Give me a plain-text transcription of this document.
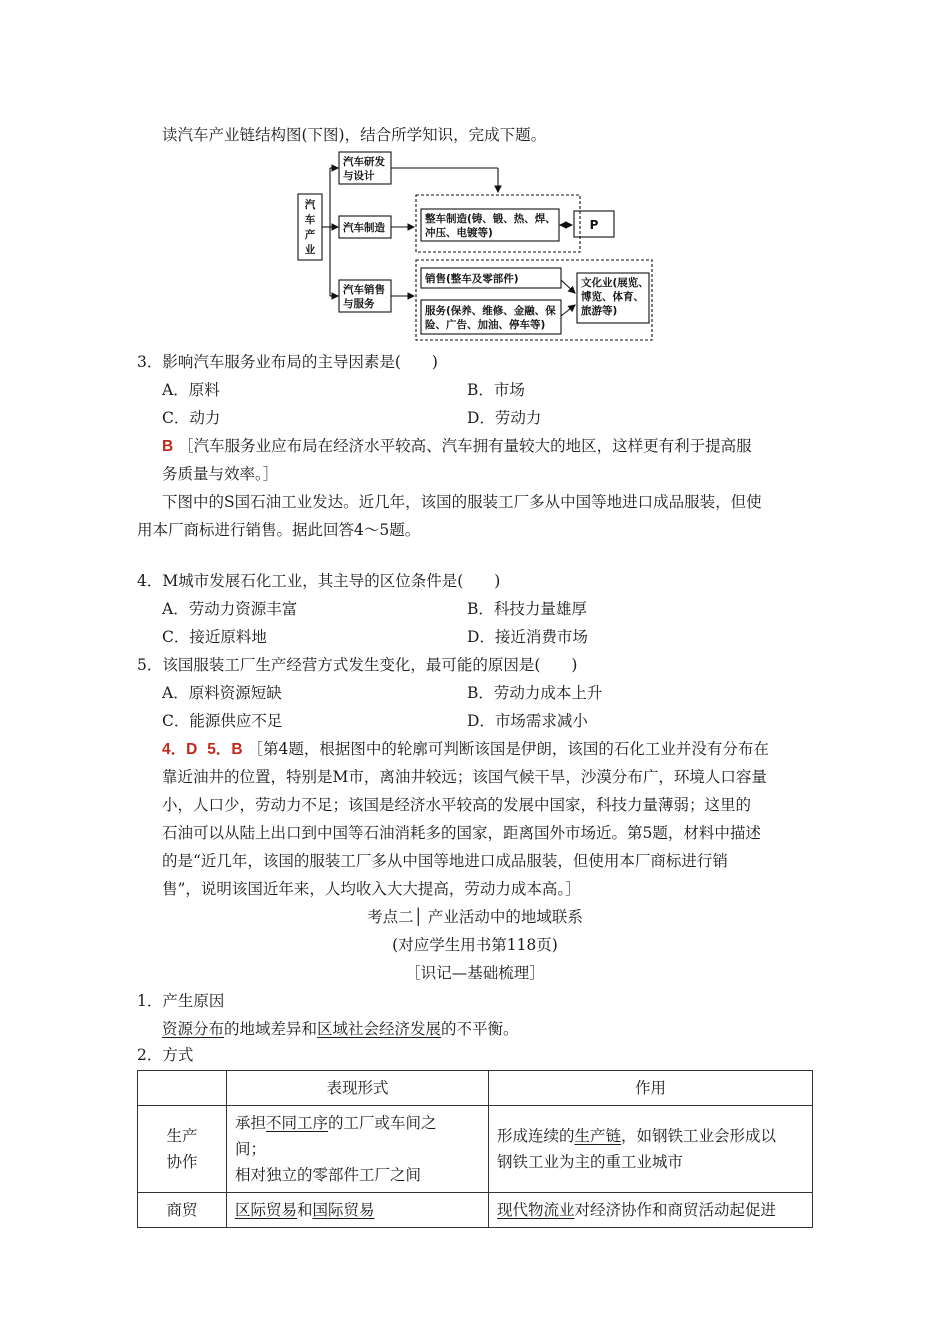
读汽车产业链结构图(下图)，结合所学知识，完成下题。
汽
车
产
业
汽车研发
与设计
汽车制造
汽车销售
与服务
整车制造(铸、锻、热、焊、
冲压、电镀等)
P
销售(整车及零部件)
服务(保养、维修、金融、保
险、广告、加油、停车等)
文化业(展览、
博览、体育、
旅游等)
3．影响汽车服务业布局的主导因素是(　　)
A．原料	B．市场
C．动力	D．劳动力
B ［汽车服务业应布局在经济水平较高、汽车拥有量较大的地区，这样更有利于提高服
务质量与效率。］
下图中的S国石油工业发达。近几年，该国的服装工厂多从中国等地进口成品服装，但使
用本厂商标进行销售。据此回答4～5题。
4．M城市发展石化工业，其主导的区位条件是(　　)
A．劳动力资源丰富	B．科技力量雄厚
C．接近原料地	D．接近消费市场
5．该国服装工厂生产经营方式发生变化，最可能的原因是(　　)
A．原料资源短缺	B．劳动力成本上升
C．能源供应不足	D．市场需求减小
4．D 5．B ［第4题，根据图中的轮廓可判断该国是伊朗，该国的石化工业并没有分布在
靠近油井的位置，特别是M市，离油井较远；该国气候干旱，沙漠分布广，环境人口容量
小，人口少，劳动力不足；该国是经济水平较高的发展中国家，科技力量薄弱；这里的
石油可以从陆上出口到中国等石油消耗多的国家，距离国外市场近。第5题，材料中描述
的是“近几年，该国的服装工厂多从中国等地进口成品服装，但使用本厂商标进行销
售”，说明该国近年来，人均收入大大提高，劳动力成本高。］
考点二│ 产业活动中的地域联系
(对应学生用书第118页)
［识记—基础梳理］
1．产生原因
资源分布的地域差异和区域社会经济发展的不平衡。
2．方式
	表现形式	作用
生产
协作	承担不同工序的工厂或车间之
间；
相对独立的零部件工厂之间	形成连续的生产链，如钢铁工业会形成以
钢铁工业为主的重工业城市
商贸	区际贸易和国际贸易	现代物流业对经济协作和商贸活动起促进
